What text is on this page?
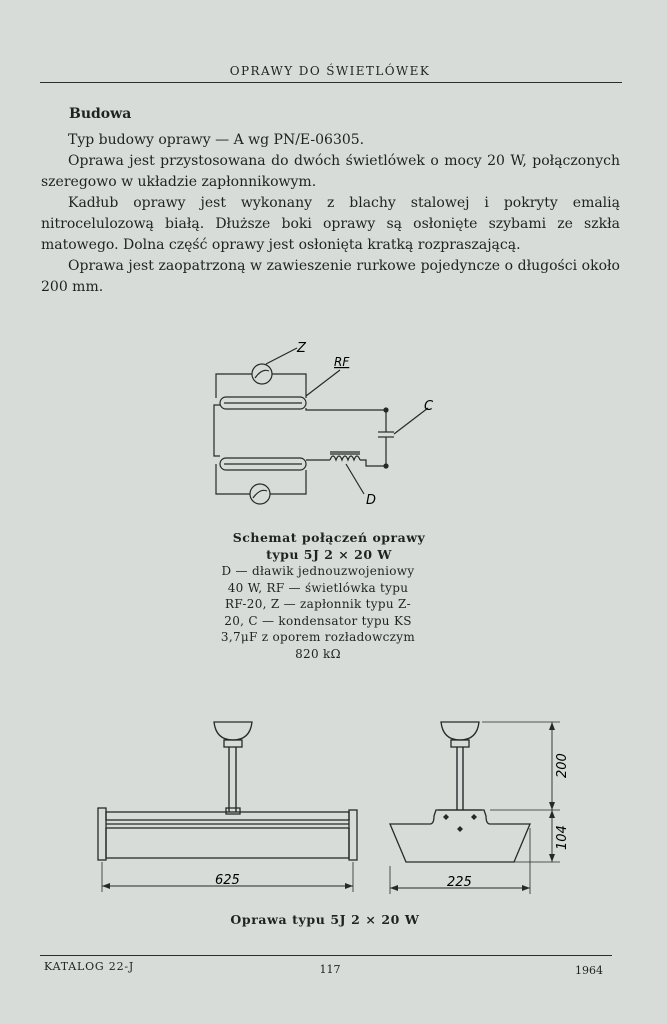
OPRAWY DO ŚWIETLÓWEK
Budowa

Typ budowy oprawy — A wg PN/E-06305.

Oprawa jest przystosowana do dwóch świetlówek o mocy 20 W, połączonych szeregowo w układzie zapłonnikowym.

Kadłub oprawy jest wykonany z blachy stalowej i pokryty emalią nitrocelulozową białą. Dłuższe boki oprawy są osłonięte szybami ze szkła matowego. Dolna część oprawy jest osłonięta kratką rozpraszającą.

Oprawa jest zaopatrzoną w zawieszenie rurkowe pojedyncze o długości około 200 mm.

Z
RF
C
D
Schemat połączeń oprawy
typu 5J 2 × 20 W
D — dławik jednouzwojeniowy 40 W, RF — świetlówka typu RF-20, Z — zapłonnik typu Z-20, C — kondensator typu KS 3,7μF z oporem rozładowczym 820 kΩ
625	225
200
104
Oprawa typu 5J 2 × 20 W
KATALOG 22-J	117	1964
